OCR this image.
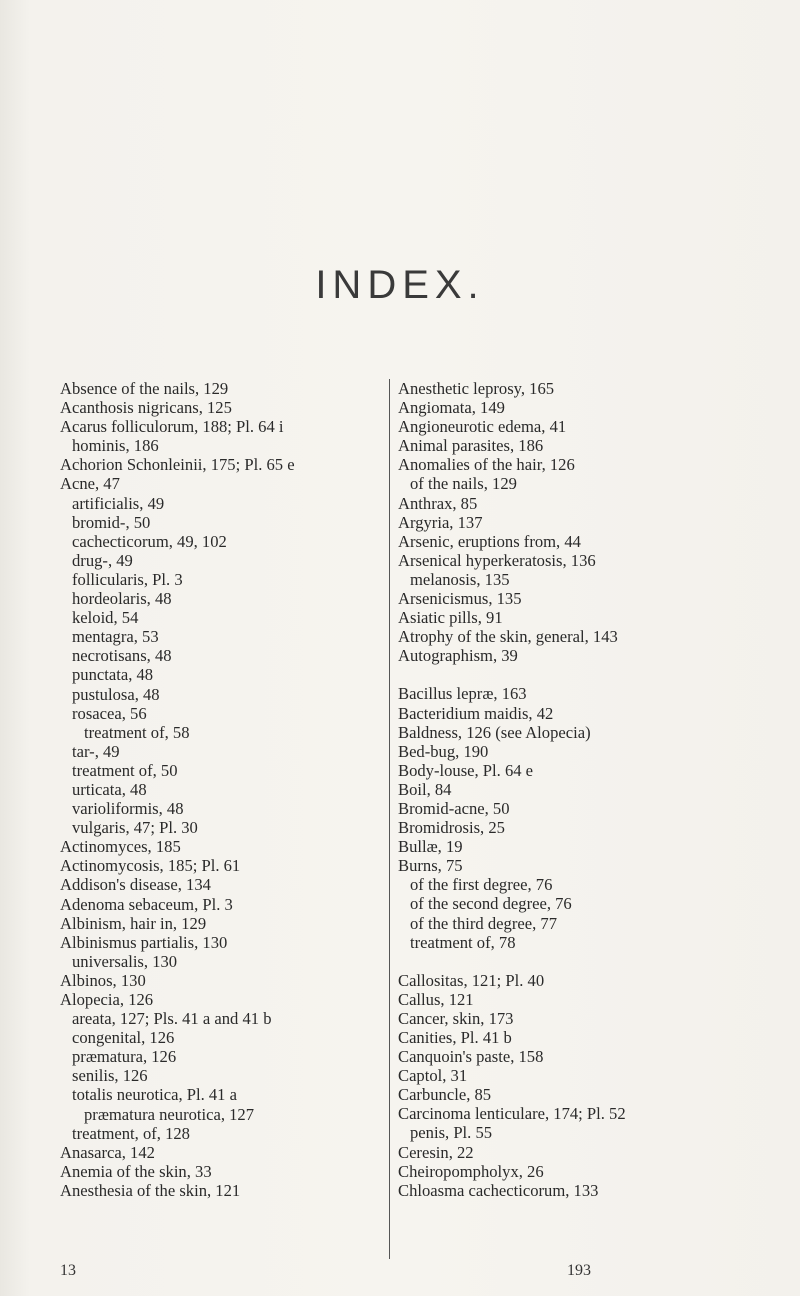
INDEX.
Absence of the nails, 129
Acanthosis nigricans, 125
Acarus folliculorum, 188; Pl. 64 i
hominis, 186
Achorion Schonleinii, 175; Pl. 65 e
Acne, 47
artificialis, 49
bromid-, 50
cachecticorum, 49, 102
drug-, 49
follicularis, Pl. 3
hordeolaris, 48
keloid, 54
mentagra, 53
necrotisans, 48
punctata, 48
pustulosa, 48
rosacea, 56
treatment of, 58
tar-, 49
treatment of, 50
urticata, 48
varioliformis, 48
vulgaris, 47; Pl. 30
Actinomyces, 185
Actinomycosis, 185; Pl. 61
Addison's disease, 134
Adenoma sebaceum, Pl. 3
Albinism, hair in, 129
Albinismus partialis, 130
universalis, 130
Albinos, 130
Alopecia, 126
areata, 127; Pls. 41 a and 41 b
congenital, 126
præmatura, 126
senilis, 126
totalis neurotica, Pl. 41 a
præmatura neurotica, 127
treatment, of, 128
Anasarca, 142
Anemia of the skin, 33
Anesthesia of the skin, 121
Anesthetic leprosy, 165
Angiomata, 149
Angioneurotic edema, 41
Animal parasites, 186
Anomalies of the hair, 126
of the nails, 129
Anthrax, 85
Argyria, 137
Arsenic, eruptions from, 44
Arsenical hyperkeratosis, 136
melanosis, 135
Arsenicismus, 135
Asiatic pills, 91
Atrophy of the skin, general, 143
Autographism, 39
Bacillus lepræ, 163
Bacteridium maidis, 42
Baldness, 126 (see Alopecia)
Bed-bug, 190
Body-louse, Pl. 64 e
Boil, 84
Bromid-acne, 50
Bromidrosis, 25
Bullæ, 19
Burns, 75
of the first degree, 76
of the second degree, 76
of the third degree, 77
treatment of, 78
Callositas, 121; Pl. 40
Callus, 121
Cancer, skin, 173
Canities, Pl. 41 b
Canquoin's paste, 158
Captol, 31
Carbuncle, 85
Carcinoma lenticulare, 174; Pl. 52
penis, Pl. 55
Ceresin, 22
Cheiropompholyx, 26
Chloasma cachecticorum, 133
13	193
